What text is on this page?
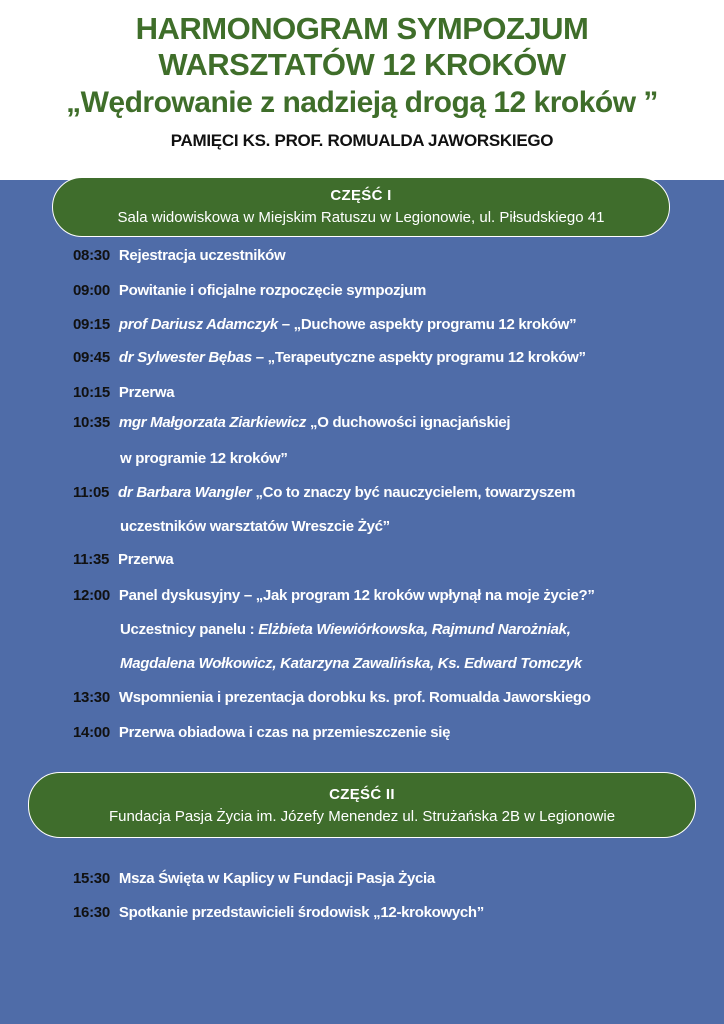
HARMONOGRAM SYMPOZJUM
WARSZTATÓW 12 KROKÓW
„Wędrowanie z nadzieją drogą 12 kroków ”
PAMIĘCI KS. PROF. ROMUALDA JAWORSKIEGO
CZĘŚĆ I
Sala widowiskowa w Miejskim Ratuszu w Legionowie, ul. Piłsudskiego 41
08:30 Rejestracja uczestników
09:00 Powitanie i oficjalne rozpoczęcie sympozjum
09:15 prof Dariusz Adamczyk – „Duchowe aspekty programu 12 kroków”
09:45 dr Sylwester Bębas – „Terapeutyczne aspekty programu 12 kroków”
10:15 Przerwa
10:35 mgr Małgorzata Ziarkiewicz „O duchowości ignacjańskiej
w programie 12 kroków”
11:05 dr Barbara Wangler „Co to znaczy być nauczycielem, towarzyszem
uczestników warsztatów Wreszcie Żyć”
11:35 Przerwa
12:00 Panel dyskusyjny – „Jak program 12 kroków wpłynął na moje życie?”
Uczestnicy panelu : Elżbieta Wiewiórkowska, Rajmund Narożniak,
Magdalena Wołkowicz, Katarzyna Zawalińska, Ks. Edward Tomczyk
13:30 Wspomnienia i prezentacja dorobku ks. prof. Romualda Jaworskiego
14:00 Przerwa obiadowa i czas na przemieszczenie się
CZĘŚĆ II
Fundacja Pasja Życia im. Józefy Menendez ul. Strużańska 2B w Legionowie
15:30 Msza Święta w Kaplicy w Fundacji Pasja Życia
16:30 Spotkanie przedstawicieli środowisk „12-krokowych”
